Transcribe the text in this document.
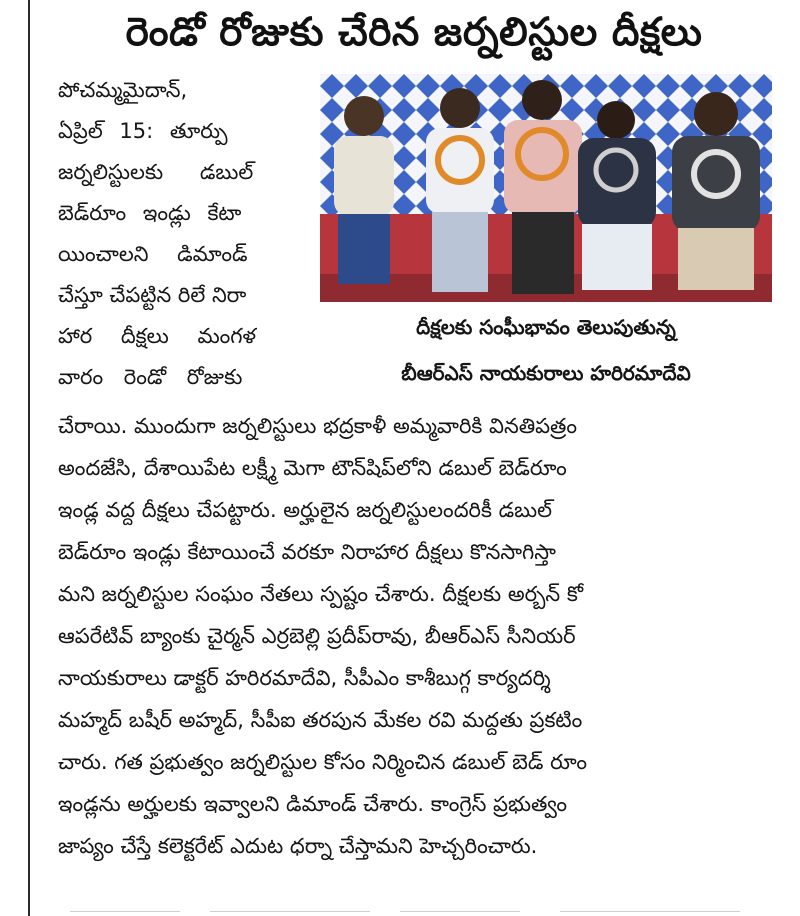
రెండో రోజుకు చేరిన జర్నలిస్టుల దీక్షలు

పోచమ్మమైదాన్,

ఏప్రిల్ 15: తూర్పు

జర్నలిస్టులకు డబుల్

బెడ్‌రూం ఇండ్లు కేటా

యించాలని డిమాండ్

చేస్తూ చేపట్టిన రిలే నిరా

హార దీక్షలు మంగళ

వారం రెండో రోజుకు

దీక్షలకు సంఘీభావం తెలుపుతున్న

బీఆర్‌ఎస్ నాయకురాలు హరిరమాదేవి

చేరాయి. ముందుగా జర్నలిస్టులు భద్రకాళీ అమ్మవారికి వినతిపత్రం

అందజేసి, దేశాయిపేట లక్ష్మీ మెగా టౌన్‌షిప్‌లోని డబుల్ బెడ్‌రూం

ఇండ్ల వద్ద దీక్షలు చేపట్టారు. అర్హులైన జర్నలిస్టులందరికీ డబుల్

బెడ్‌రూం ఇండ్లు కేటాయించే వరకూ నిరాహార దీక్షలు కొనసాగిస్తా

మని జర్నలిస్టుల సంఘం నేతలు స్పష్టం చేశారు. దీక్షలకు అర్బన్ కో

ఆపరేటివ్ బ్యాంకు చైర్మన్ ఎర్రబెల్లి ప్రదీప్‌రావు, బీఆర్‌ఎస్ సీనియర్

నాయకురాలు డాక్టర్ హరిరమాదేవి, సీపీఎం కాశీబుగ్గ కార్యదర్శి

మహ్మద్ బషీర్ అహ్మద్, సీపీఐ తరపున మేకల రవి మద్దతు ప్రకటిం

చారు. గత ప్రభుత్వం జర్నలిస్టుల కోసం నిర్మించిన డబుల్ బెడ్ రూం

ఇండ్లను అర్హులకు ఇవ్వాలని డిమాండ్ చేశారు. కాంగ్రెస్ ప్రభుత్వం

జాప్యం చేస్తే కలెక్టరేట్ ఎదుట ధర్నా చేస్తామని హెచ్చరించారు.
